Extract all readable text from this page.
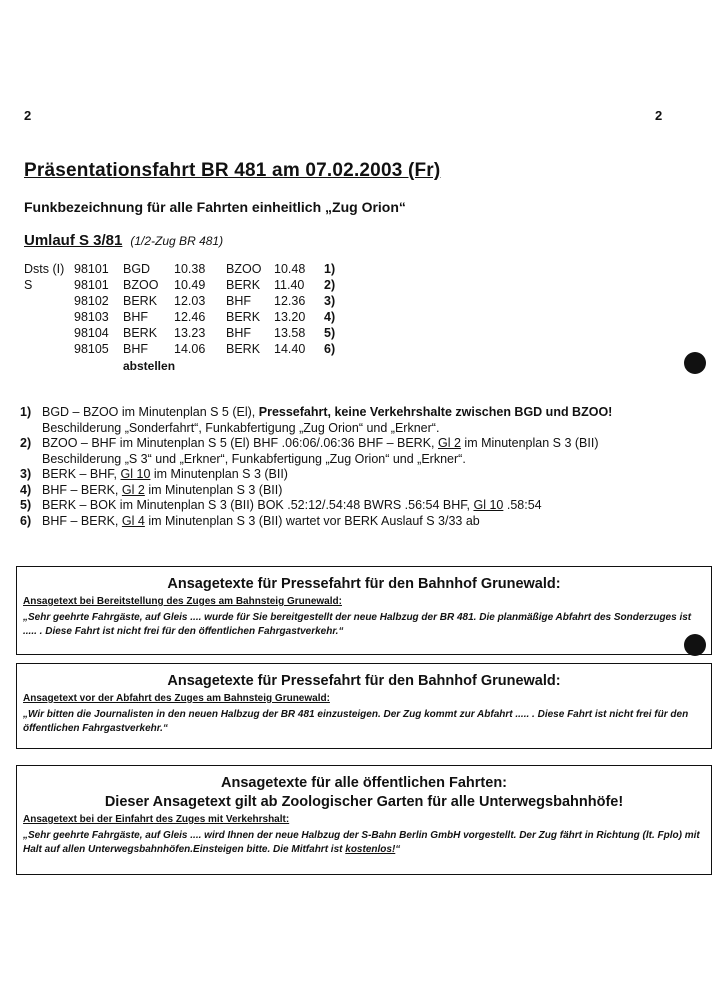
2	2
Präsentationsfahrt BR 481 am 07.02.2003 (Fr)
Funkbezeichnung für alle Fahrten einheitlich „Zug Orion“
Umlauf S 3/81 (1/2-Zug BR 481)
Dsts (I) 98101 BGD 10.38 BZOO 10.48 1)
S	98101 BZOO 10.49 BERK 11.40 2)
98102 BERK 12.03 BHF 12.36 3)
98103 BHF 12.46 BERK 13.20 4)
98104 BERK 13.23 BHF 13.58 5)
98105 BHF 14.06 BERK 14.40 6)
abstellen
1) BGD – BZOO im Minutenplan S 5 (El), Pressefahrt, keine Verkehrshalte zwischen BGD und BZOO!
Beschilderung „Sonderfahrt“, Funkabfertigung „Zug Orion“ und „Erkner“.
2) BZOO – BHF im Minutenplan S 5 (El) BHF .06:06/.06:36 BHF – BERK, Gl 2 im Minutenplan S 3 (BII)
Beschilderung „S 3“ und „Erkner“, Funkabfertigung „Zug Orion“ und „Erkner“.
3) BERK – BHF, Gl 10 im Minutenplan S 3 (BII)
4) BHF – BERK, Gl 2 im Minutenplan S 3 (BII)
5) BERK – BOK im Minutenplan S 3 (BII) BOK .52:12/.54:48 BWRS .56:54 BHF, Gl 10 .58:54
6) BHF – BERK, Gl 4 im Minutenplan S 3 (BII) wartet vor BERK Auslauf S 3/33 ab
Ansagetexte für Pressefahrt für den Bahnhof Grunewald:
Ansagetext bei Bereitstellung des Zuges am Bahnsteig Grunewald:
„Sehr geehrte Fahrgäste, auf Gleis .... wurde für Sie bereitgestellt der neue Halbzug der BR 481. Die planmäßige Abfahrt des Sonderzuges ist ..... . Diese Fahrt ist nicht frei für den öffentlichen Fahrgastverkehr.“
Ansagetexte für Pressefahrt für den Bahnhof Grunewald:
Ansagetext vor der Abfahrt des Zuges am Bahnsteig Grunewald:
„Wir bitten die Journalisten in den neuen Halbzug der BR 481 einzusteigen. Der Zug kommt zur Abfahrt ..... . Diese Fahrt ist nicht frei für den öffentlichen Fahrgastverkehr.“
Ansagetexte für alle öffentlichen Fahrten:
Dieser Ansagetext gilt ab Zoologischer Garten für alle Unterwegsbahnhöfe!
Ansagetext bei der Einfahrt des Zuges mit Verkehrshalt:
„Sehr geehrte Fahrgäste, auf Gleis .... wird Ihnen der neue Halbzug der S-Bahn Berlin GmbH vorgestellt. Der Zug fährt in Richtung (lt. Fplo) mit Halt auf allen Unterwegsbahnhöfen.Einsteigen bitte. Die Mitfahrt ist kostenlos!“
